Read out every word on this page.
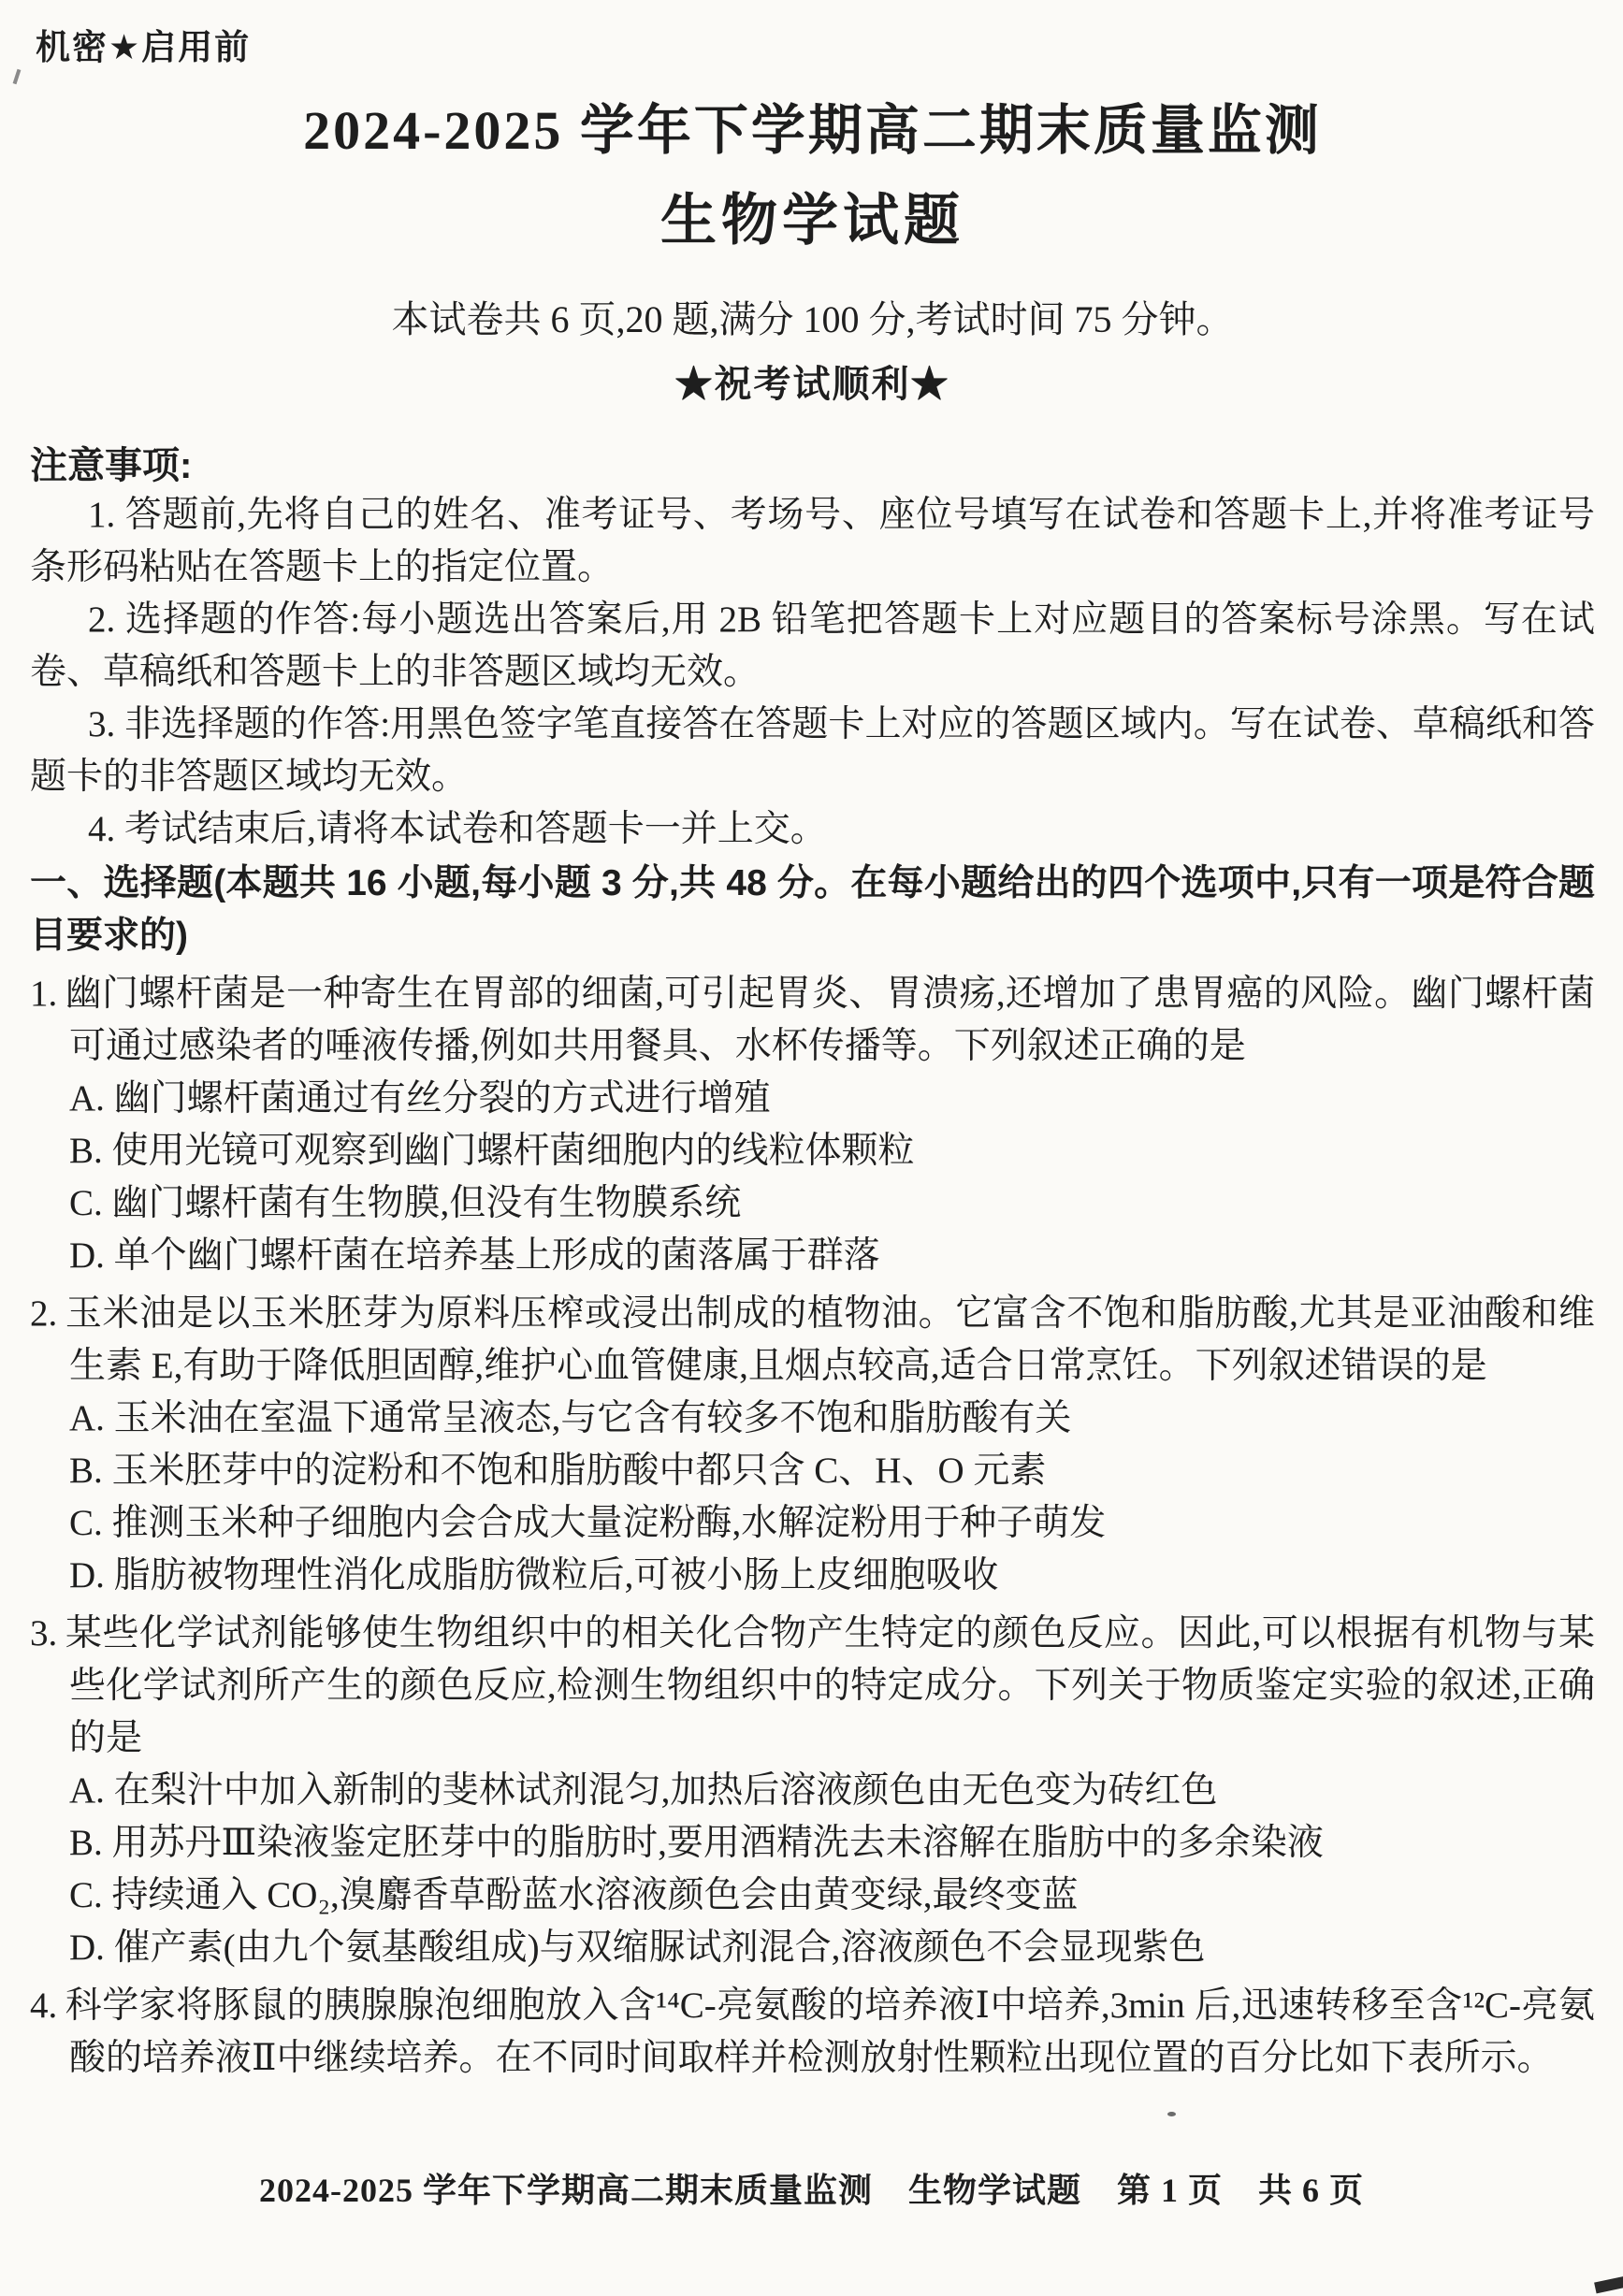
机密★启用前
2024-2025 学年下学期高二期末质量监测
生物学试题
本试卷共 6 页,20 题,满分 100 分,考试时间 75 分钟。
★祝考试顺利★
注意事项:

1. 答题前,先将自己的姓名、准考证号、考场号、座位号填写在试卷和答题卡上,并将准考证号条形码粘贴在答题卡上的指定位置。

2. 选择题的作答:每小题选出答案后,用 2B 铅笔把答题卡上对应题目的答案标号涂黑。写在试卷、草稿纸和答题卡上的非答题区域均无效。

3. 非选择题的作答:用黑色签字笔直接答在答题卡上对应的答题区域内。写在试卷、草稿纸和答题卡的非答题区域均无效。

4. 考试结束后,请将本试卷和答题卡一并上交。

一、选择题(本题共 16 小题,每小题 3 分,共 48 分。在每小题给出的四个选项中,只有一项是符合题目要求的)

1. 幽门螺杆菌是一种寄生在胃部的细菌,可引起胃炎、胃溃疡,还增加了患胃癌的风险。幽门螺杆菌可通过感染者的唾液传播,例如共用餐具、水杯传播等。下列叙述正确的是

A. 幽门螺杆菌通过有丝分裂的方式进行增殖

B. 使用光镜可观察到幽门螺杆菌细胞内的线粒体颗粒

C. 幽门螺杆菌有生物膜,但没有生物膜系统

D. 单个幽门螺杆菌在培养基上形成的菌落属于群落

2. 玉米油是以玉米胚芽为原料压榨或浸出制成的植物油。它富含不饱和脂肪酸,尤其是亚油酸和维生素 E,有助于降低胆固醇,维护心血管健康,且烟点较高,适合日常烹饪。下列叙述错误的是

A. 玉米油在室温下通常呈液态,与它含有较多不饱和脂肪酸有关

B. 玉米胚芽中的淀粉和不饱和脂肪酸中都只含 C、H、O 元素

C. 推测玉米种子细胞内会合成大量淀粉酶,水解淀粉用于种子萌发

D. 脂肪被物理性消化成脂肪微粒后,可被小肠上皮细胞吸收

3. 某些化学试剂能够使生物组织中的相关化合物产生特定的颜色反应。因此,可以根据有机物与某些化学试剂所产生的颜色反应,检测生物组织中的特定成分。下列关于物质鉴定实验的叙述,正确的是

A. 在梨汁中加入新制的斐林试剂混匀,加热后溶液颜色由无色变为砖红色

B. 用苏丹Ⅲ染液鉴定胚芽中的脂肪时,要用酒精洗去未溶解在脂肪中的多余染液

C. 持续通入 CO₂,溴麝香草酚蓝水溶液颜色会由黄变绿,最终变蓝

D. 催产素(由九个氨基酸组成)与双缩脲试剂混合,溶液颜色不会显现紫色

4. 科学家将豚鼠的胰腺腺泡细胞放入含¹⁴C-亮氨酸的培养液Ⅰ中培养,3min 后,迅速转移至含¹²C-亮氨酸的培养液Ⅱ中继续培养。在不同时间取样并检测放射性颗粒出现位置的百分比如下表所示。

2024-2025 学年下学期高二期末质量监测 生物学试题 第 1 页 共 6 页
